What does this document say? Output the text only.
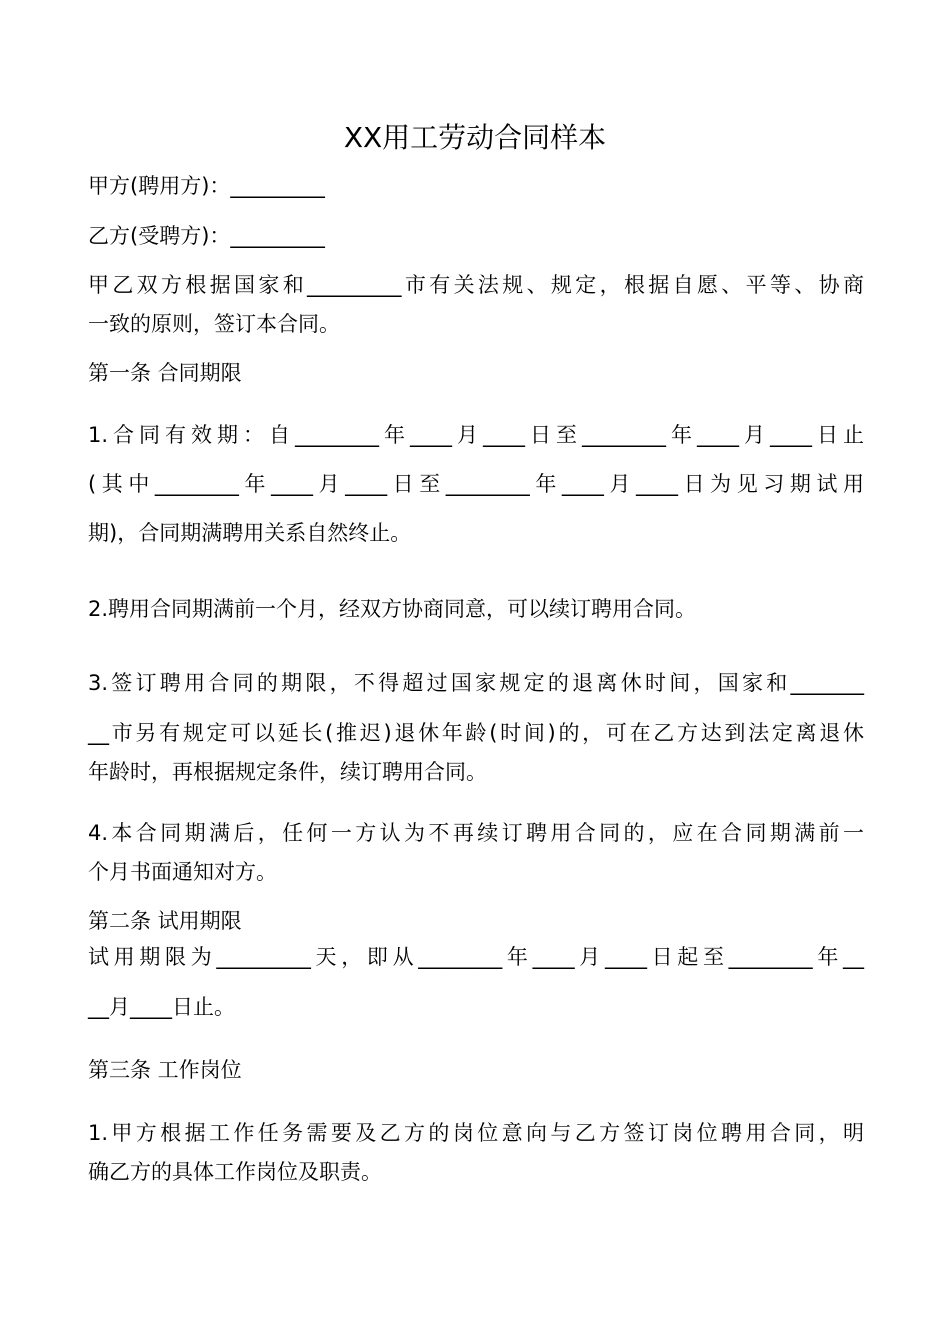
XX用工劳动合同样本
甲方(聘用方)：_________
乙方(受聘方)：_________
甲乙双方根据国家和_________市有关法规、规定，根据自愿、平等、协商
一致的原则，签订本合同。
第一条 合同期限
1.合同有效期：自________年____月____日至________年____月____日止
(其中________年____月____日至________年____月____日为见习期试用
期)，合同期满聘用关系自然终止。
2.聘用合同期满前一个月，经双方协商同意，可以续订聘用合同。
3.签订聘用合同的期限，不得超过国家规定的退离休时间，国家和_______
__市另有规定可以延长(推迟)退休年龄(时间)的，可在乙方达到法定离退休
年龄时，再根据规定条件，续订聘用合同。
4.本合同期满后，任何一方认为不再续订聘用合同的，应在合同期满前一
个月书面通知对方。
第二条 试用期限
试用期限为_________天，即从________年____月____日起至________年__
__月____日止。
第三条 工作岗位
1.甲方根据工作任务需要及乙方的岗位意向与乙方签订岗位聘用合同，明
确乙方的具体工作岗位及职责。
